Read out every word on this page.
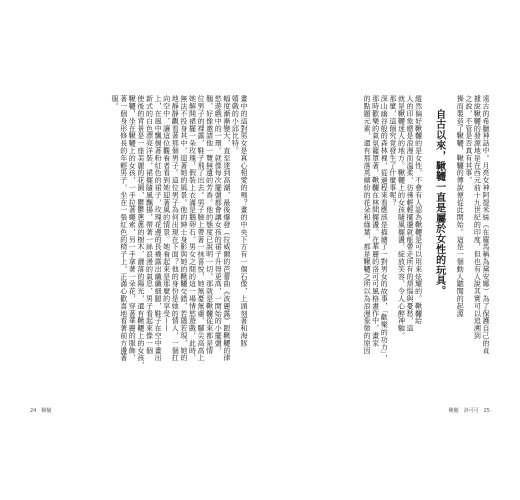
畫中的這對男女是真心相愛的嗎？畫的中央下方有一個石像，上頭刻著和海豚
嬉戲的小邱比特。
幅度漸漸變大，直至達到高潮，最後爆發（拉威爾的芭蕾曲《波麗露》跟鞦韆的律
慾遊戲中的一環。就像每次擺盪都會讓女孩的裙子升得更高，一開始的小擺盪，
翹，好像邀請他一覽無遺的芳香。他的態度已說明一切，那就是鞦韆從來都是情
位男子的裸露，鞋子飛了出去。男子臉上帶著一抹喜悅，她無憂無慮，腳尖高高上
她解開裙擺一朵玫瑰，假裝上衣滿是鵝卵石。男女之間的這一場情慾遊戲，此時，
無法不投身其中，迎著她的風景。他的紳士身影與她的鞦韆交錯，若隱若現，她的
地靜靜觀看著那個男子。這位男子為何出現在下面？他的身份是她的情人，一個扛
向空中，讓這位觀看者看到她迎著風的情景。她看起來是那麼的享受——
上，在風中飄揚著粉紅色的裙子，玫瑰花邊的長襪露出纖纖細腿，鞋子在空中畫出
新式的白色漂亮洋裝，裙擺隨風飄揚，帶著一絲浪漫的氣息，男子看起來像一個
使後的背景是一座美麗的花園，鬱鬱蔥蔥的樹木、灑落的陽光，還有鞦韆上的女孩，
鞦韆，坐在鞦韆上的女孩，一手拉著繩索，另一手拿著一朵花，穿著華麗的服飾，
著一個身形修長的年輕男子，坐在一張紅色的椅子上，正滿心歡喜地看著前方盪著
服。
24　鞦韆
遠古的希臘神話中。月亮女神阿提米絲（在羅馬稱為黛安娜）為了保護自己的貞
據說鞦韆的發源地是在西元前十九世紀的印度，但也有人說其實可以追溯到
之說，不管是否真有其事。
操而製造了鞦韆，鞦韆的傳說便從此開始。這是一個動人聽聞的起源
自古以來，鞦韆一直是屬於女性的玩具。
縱然偏好鞦韆的是女性，不會有人認為鞦韆是可以用來炫耀的。鞦韆給
人的印象總是浪漫而溫柔，彷彿輕輕擺盪就能帶走所有的煩惱與憂愁，這
就是鞦韆迷人的地方。鞦韆上的女孩隨風擺盪，綻放笑容，令人心醉神馳。
那麼，這個究竟發生了什麼事呢？
深山幽谷般的森林裡，從過程來看應該是描繪了一對男女的故事，「歡樂的功力」，
那時歡樂的氣氛籠罩著，鞦韆在林間擺盪。在華麗的洛可可風格畫作中，畫家
的點題元素，還有那落英繽紛的花朵和綠葉，都是鞦韆之所以為浪漫象徵的原因
鞦韆　洛可可　25
